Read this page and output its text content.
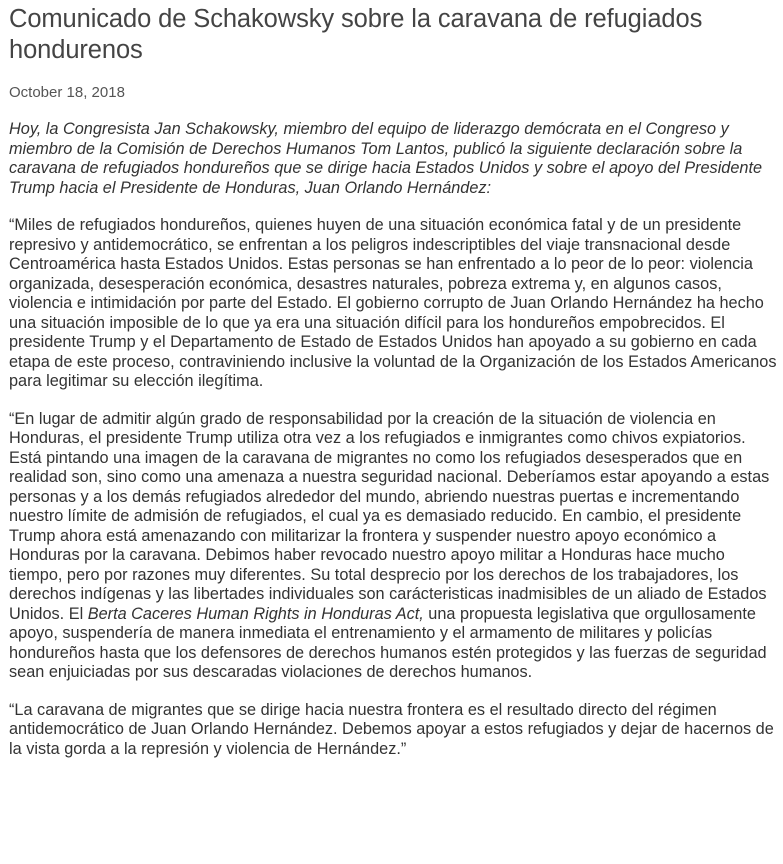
Comunicado de Schakowsky sobre la caravana de refugiados hondurenos
October 18, 2018

Hoy, la Congresista Jan Schakowsky, miembro del equipo de liderazgo demócrata en el Congreso y miembro de la Comisión de Derechos Humanos Tom Lantos, publicó la siguiente declaración sobre la caravana de refugiados hondureños que se dirige hacia Estados Unidos y sobre el apoyo del Presidente Trump hacia el Presidente de Honduras, Juan Orlando Hernández:

“Miles de refugiados hondureños, quienes huyen de una situación económica fatal y de un presidente represivo y antidemocrático, se enfrentan a los peligros indescriptibles del viaje transnacional desde Centroamérica hasta Estados Unidos. Estas personas se han enfrentado a lo peor de lo peor: violencia organizada, desesperación económica, desastres naturales, pobreza extrema y, en algunos casos, violencia e intimidación por parte del Estado. El gobierno corrupto de Juan Orlando Hernández ha hecho una situación imposible de lo que ya era una situación difícil para los hondureños empobrecidos. El presidente Trump y el Departamento de Estado de Estados Unidos han apoyado a su gobierno en cada etapa de este proceso, contraviniendo inclusive la voluntad de la Organización de los Estados Americanos para legitimar su elección ilegítima.

“En lugar de admitir algún grado de responsabilidad por la creación de la situación de violencia en Honduras, el presidente Trump utiliza otra vez a los refugiados e inmigrantes como chivos expiatorios. Está pintando una imagen de la caravana de migrantes no como los refugiados desesperados que en realidad son, sino como una amenaza a nuestra seguridad nacional. Deberíamos estar apoyando a estas personas y a los demás refugiados alrededor del mundo, abriendo nuestras puertas e incrementando nuestro límite de admisión de refugiados, el cual ya es demasiado reducido. En cambio, el presidente Trump ahora está amenazando con militarizar la frontera y suspender nuestro apoyo económico a Honduras por la caravana. Debimos haber revocado nuestro apoyo militar a Honduras hace mucho tiempo, pero por razones muy diferentes. Su total desprecio por los derechos de los trabajadores, los derechos indígenas y las libertades individuales son carácteristicas inadmisibles de un aliado de Estados Unidos. El Berta Caceres Human Rights in Honduras Act, una propuesta legislativa que orgullosamente apoyo, suspendería de manera inmediata el entrenamiento y el armamento de militares y policías hondureños hasta que los defensores de derechos humanos estén protegidos y las fuerzas de seguridad sean enjuiciadas por sus descaradas violaciones de derechos humanos.

“La caravana de migrantes que se dirige hacia nuestra frontera es el resultado directo del régimen antidemocrático de Juan Orlando Hernández. Debemos apoyar a estos refugiados y dejar de hacernos de la vista gorda a la represión y violencia de Hernández.”
